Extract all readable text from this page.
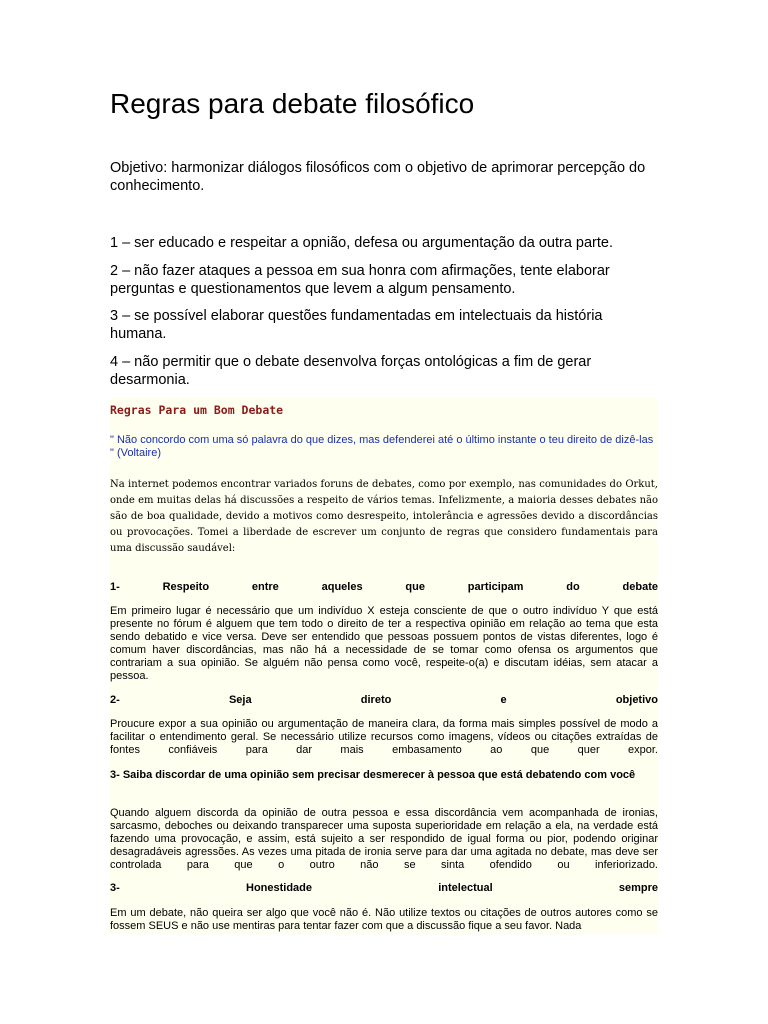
Regras para debate filosófico

Objetivo: harmonizar diálogos filosóficos com o objetivo de aprimorar percepção do conhecimento.

1 – ser educado e respeitar a opnião, defesa ou argumentação da outra parte.

2 – não fazer ataques a pessoa em sua honra com afirmações, tente elaborar perguntas e questionamentos que levem a algum pensamento.

3 – se possível elaborar questões fundamentadas em intelectuais da história humana.

4 – não permitir que o debate desenvolva forças ontológicas a fim de gerar desarmonia.

Regras Para um Bom Debate

" Não concordo com uma só palavra do que dizes, mas defenderei até o último instante o teu direito de dizê-las " (Voltaire)

Na internet podemos encontrar variados foruns de debates, como por exemplo, nas comunidades do Orkut, onde em muitas delas há discussões a respeito de vários temas. Infelizmente, a maioria desses debates não são de boa qualidade, devido a motivos como desrespeito, intolerância e agressões devido a discordâncias ou provocações. Tomei a liberdade de escrever um conjunto de regras que considero fundamentais para uma discussão saudável:

1- Respeito entre aqueles que participam do debate

Em primeiro lugar é necessário que um indivíduo X esteja consciente de que o outro indivíduo Y que está presente no fórum é alguem que tem todo o direito de ter a respectiva opinião em relação ao tema que esta sendo debatido e vice versa. Deve ser entendido que pessoas possuem pontos de vistas diferentes, logo é comum haver discordâncias, mas não há a necessidade de se tomar como ofensa os argumentos que contrariam a sua opinião. Se alguém não pensa como você, respeite-o(a) e discutam idéias, sem atacar a pessoa.

2- Seja direto e objetivo

Proucure expor a sua opinião ou argumentação de maneira clara, da forma mais simples possível de modo a facilitar o entendimento geral. Se necessário utilize recursos como imagens, vídeos ou citações extraídas de fontes confiáveis para dar mais embasamento ao que quer expor.

3- Saiba discordar de uma opinião sem precisar desmerecer à pessoa que está debatendo com você

Quando alguem discorda da opinião de outra pessoa e essa discordância vem acompanhada de ironias, sarcasmo, deboches ou deixando transparecer uma suposta superioridade em relação a ela, na verdade está fazendo uma provocação, e assim, está sujeito a ser respondido de igual forma ou pior, podendo originar desagradáveis agressões. As vezes uma pitada de ironia serve para dar uma agitada no debate, mas deve ser controlada para que o outro não se sinta ofendido ou inferiorizado.

3- Honestidade intelectual sempre

Em um debate, não queira ser algo que você não é. Não utilize textos ou citações de outros autores como se fossem SEUS e não use mentiras para tentar fazer com que a discussão fique a seu favor. Nada
